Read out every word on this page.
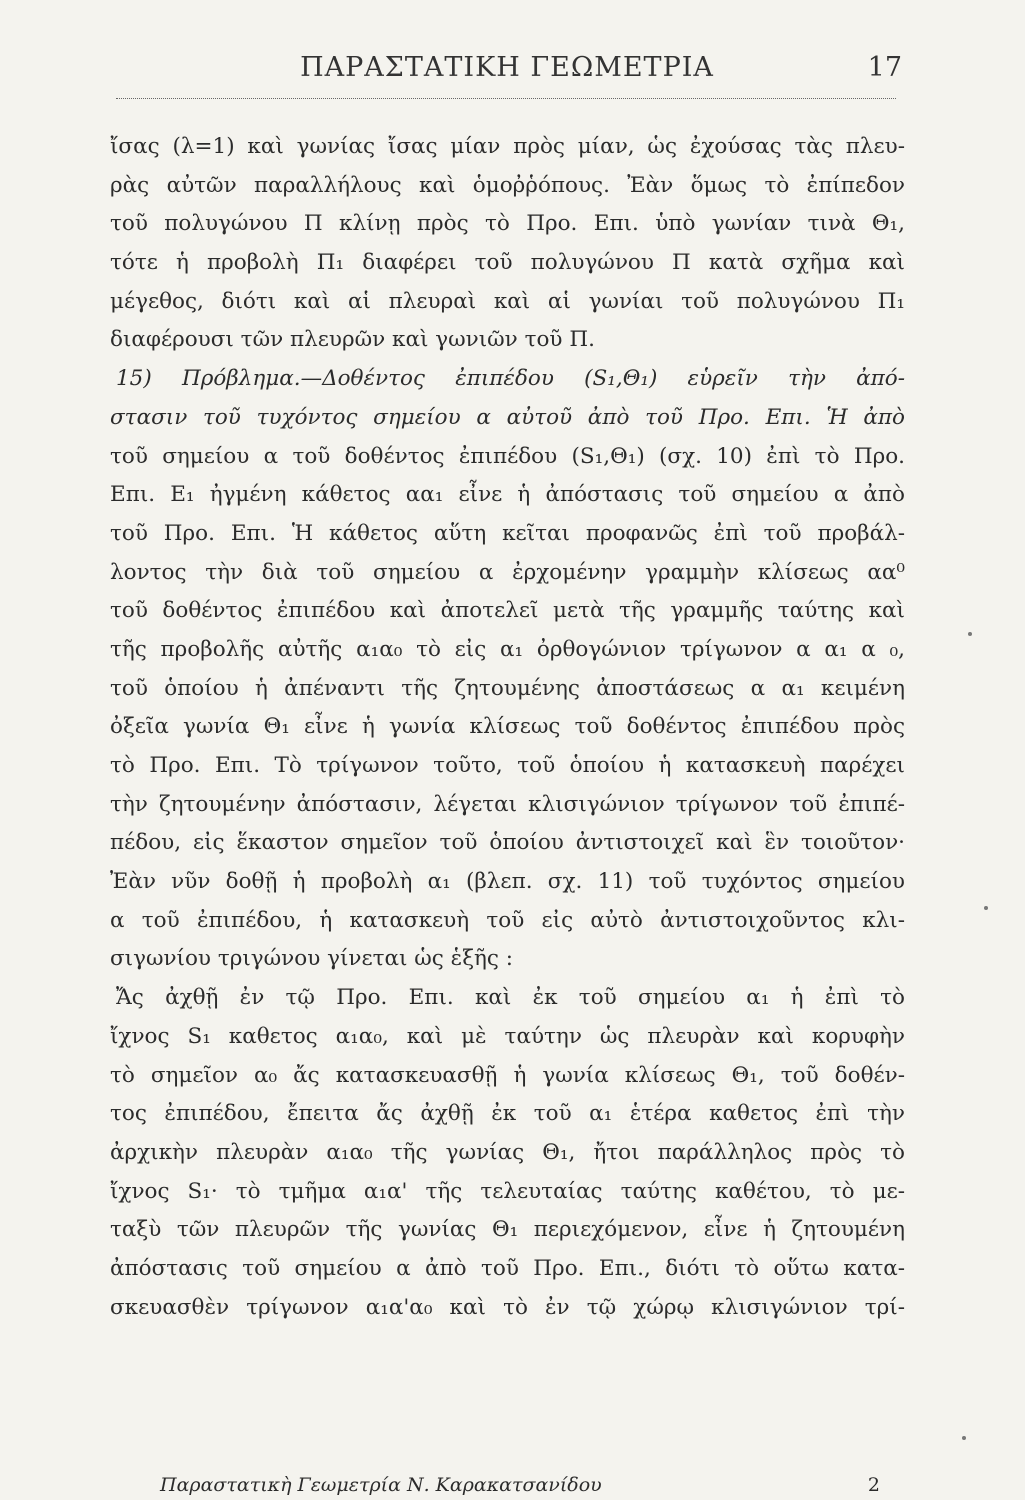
ΠΑΡΑΣΤΑΤΙΚΗ ΓΕΩΜΕΤΡΙΑ	17
ἴσας (λ=1) καὶ γωνίας ἴσας μίαν πρὸς μίαν, ὡς ἐχούσας τὰς πλευ-
ρὰς αὐτῶν παραλλήλους καὶ ὁμοῤῥόπους. Ἐὰν ὅμως τὸ ἐπίπεδον
τοῦ πολυγώνου Π κλίνῃ πρὸς τὸ Προ. Επι. ὑπὸ γωνίαν τινὰ Θ₁,
τότε ἡ προβολὴ Π₁ διαφέρει τοῦ πολυγώνου Π κατὰ σχῆμα καὶ
μέγεθος, διότι καὶ αἱ πλευραὶ καὶ αἱ γωνίαι τοῦ πολυγώνου Π₁
διαφέρουσι τῶν πλευρῶν καὶ γωνιῶν τοῦ Π.
15) Πρόβλημα.—Δοθέντος ἐπιπέδου (S₁,Θ₁) εὑρεῖν τὴν ἀπό-
στασιν τοῦ τυχόντος σημείου α αὐτοῦ ἀπὸ τοῦ Προ. Επι. Ἡ ἀπὸ
τοῦ σημείου α τοῦ δοθέντος ἐπιπέδου (S₁,Θ₁) (σχ. 10) ἐπὶ τὸ Προ.
Επι. Ε₁ ἠγμένη κάθετος αα₁ εἶνε ἡ ἀπόστασις τοῦ σημείου α ἀπὸ
τοῦ Προ. Επι. Ἡ κάθετος αὕτη κεῖται προφανῶς ἐπὶ τοῦ προβάλ-
λοντος τὴν διὰ τοῦ σημείου α ἐρχομένην γραμμὴν κλίσεως αα⁰
τοῦ δοθέντος ἐπιπέδου καὶ ἀποτελεῖ μετὰ τῆς γραμμῆς ταύτης καὶ
τῆς προβολῆς αὐτῆς α₁α₀ τὸ εἰς α₁ ὀρθογώνιον τρίγωνον α α₁ α ₀,
τοῦ ὁποίου ἡ ἀπέναντι τῆς ζητουμένης ἀποστάσεως α α₁ κειμένη
ὀξεῖα γωνία Θ₁ εἶνε ἡ γωνία κλίσεως τοῦ δοθέντος ἐπιπέδου πρὸς
τὸ Προ. Επι. Τὸ τρίγωνον τοῦτο, τοῦ ὁποίου ἡ κατασκευὴ παρέχει
τὴν ζητουμένην ἀπόστασιν, λέγεται κλισιγώνιον τρίγωνον τοῦ ἐπιπέ-
πέδου, εἰς ἕκαστον σημεῖον τοῦ ὁποίου ἀντιστοιχεῖ καὶ ἓν τοιοῦτον·
Ἐὰν νῦν δοθῇ ἡ προβολὴ α₁ (βλεπ. σχ. 11) τοῦ τυχόντος σημείου
α τοῦ ἐπιπέδου, ἡ κατασκευὴ τοῦ εἰς αὐτὸ ἀντιστοιχοῦντος κλι-
σιγωνίου τριγώνου γίνεται ὡς ἑξῆς :
Ἄς ἀχθῇ ἐν τῷ Προ. Επι. καὶ ἐκ τοῦ σημείου α₁ ἡ ἐπὶ τὸ
ἴχνος S₁ καθετος α₁α₀, καὶ μὲ ταύτην ὡς πλευρὰν καὶ κορυφὴν
τὸ σημεῖον α₀ ἄς κατασκευασθῇ ἡ γωνία κλίσεως Θ₁, τοῦ δοθέν-
τος ἐπιπέδου, ἔπειτα ἄς ἀχθῇ ἐκ τοῦ α₁ ἑτέρα καθετος ἐπὶ τὴν
ἀρχικὴν πλευρὰν α₁α₀ τῆς γωνίας Θ₁, ἤτοι παράλληλος πρὸς τὸ
ἴχνος S₁· τὸ τμῆμα α₁α' τῆς τελευταίας ταύτης καθέτου, τὸ με-
ταξὺ τῶν πλευρῶν τῆς γωνίας Θ₁ περιεχόμενον, εἶνε ἡ ζητουμένη
ἀπόστασις τοῦ σημείου α ἀπὸ τοῦ Προ. Επι., διότι τὸ οὕτω κατα-
σκευασθὲν τρίγωνον α₁α'α₀ καὶ τὸ ἐν τῷ χώρῳ κλισιγώνιον τρί-
Παραστατικὴ Γεωμετρία Ν. Καρακατσανίδου	2
